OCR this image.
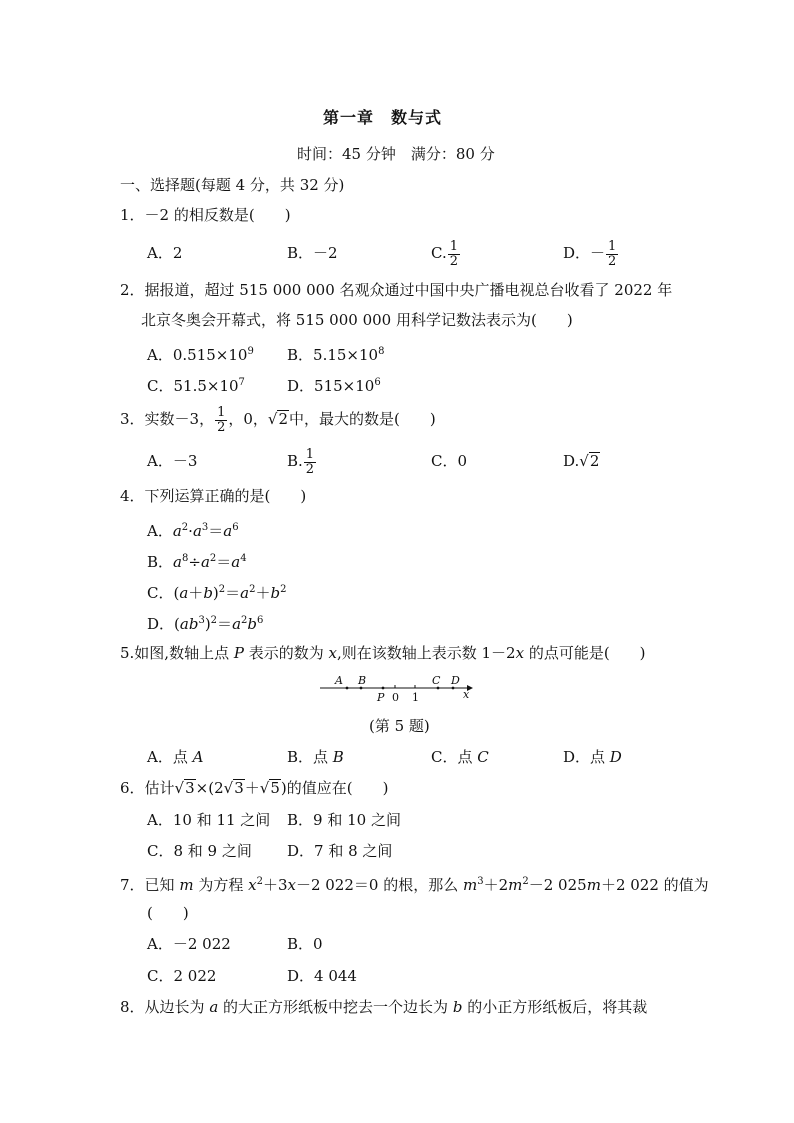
第一章　数与式
时间：45 分钟　满分：80 分
一、选择题(每题 4 分，共 32 分)
1．－2 的相反数是(　　)
A．2	B．－2	C. $\frac{1}{2}$	D．－ $\frac{1}{2}$
2．据报道，超过 515 000 000 名观众通过中国中央广播电视总台收看了 2022 年
北京冬奥会开幕式，将 515 000 000 用科学记数法表示为(　　)
A．$0.515\times 10^9$ B．$5.15\times 10^8$
C．$51.5\times 10^7$	D．$515\times 10^6$
3．实数－3， $\frac{1}{2}$ ，0，√2中，最大的数是(　　)
A．－3	B. $\frac{1}{2}$	C．0	D.√2
4．下列运算正确的是(　　)
A．$a^2\cdot a^3=a^6$
B．$a^8\div a^2=a^4$
C．$(a+b)^2=a^2+b^2$
D．$(ab^3)^2=a^2b^6$
5.如图,数轴上点 P 表示的数为 x,则在该数轴上表示数 1－2x 的点可能是(　　)
A B	C D
P	x
0 1
(第 5 题)
A．点 A	B．点 B	C．点 C	D．点 D
6．估计√3×(2√3＋√5)的值应在(　　)
A．10 和 11 之间 B．9 和 10 之间
C．8 和 9 之间 D．7 和 8 之间
7．已知 m 为方程 $x^2+3x-2$ 022＝0 的根，那么 $m^3+2m^2-2$ 025m＋2 022 的值为
(　　)
A．－2 022	B．0
C．2 022	D．4 044
8．从边长为 a 的大正方形纸板中挖去一个边长为 b 的小正方形纸板后，将其裁
